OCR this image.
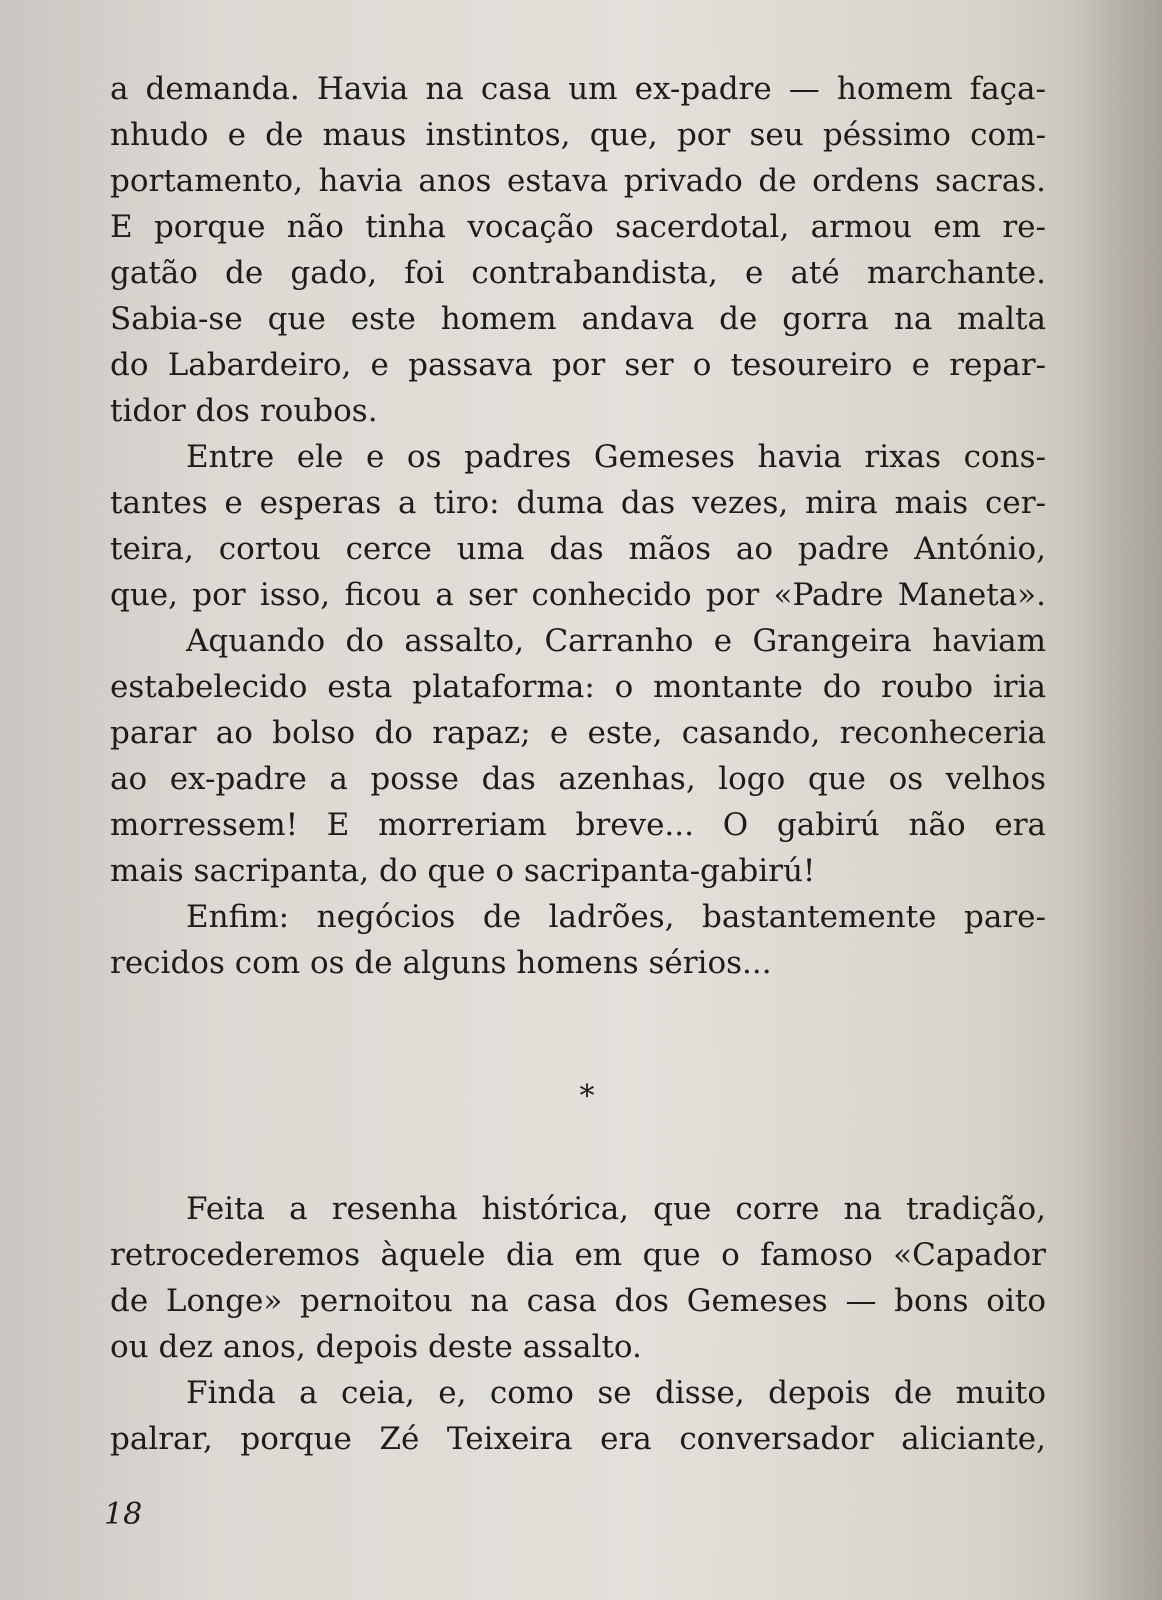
a demanda. Havia na casa um ex-padre — homem faça-

nhudo e de maus instintos, que, por seu péssimo com-

portamento, havia anos estava privado de ordens sacras.

E porque não tinha vocação sacerdotal, armou em re-

gatão de gado, foi contrabandista, e até marchante.

Sabia-se que este homem andava de gorra na malta

do Labardeiro, e passava por ser o tesoureiro e repar-

tidor dos roubos.

Entre ele e os padres Gemeses havia rixas cons-

tantes e esperas a tiro: duma das vezes, mira mais cer-

teira, cortou cerce uma das mãos ao padre António,

que, por isso, ficou a ser conhecido por «Padre Maneta».

Aquando do assalto, Carranho e Grangeira haviam

estabelecido esta plataforma: o montante do roubo iria

parar ao bolso do rapaz; e este, casando, reconheceria

ao ex-padre a posse das azenhas, logo que os velhos

morressem! E morreriam breve... O gabirú não era

mais sacripanta, do que o sacripanta-gabirú!

Enfim: negócios de ladrões, bastantemente pare-

recidos com os de alguns homens sérios...

*

Feita a resenha histórica, que corre na tradição,

retrocederemos àquele dia em que o famoso «Capador

de Longe» pernoitou na casa dos Gemeses — bons oito

ou dez anos, depois deste assalto.

Finda a ceia, e, como se disse, depois de muito

palrar, porque Zé Teixeira era conversador aliciante,

18
